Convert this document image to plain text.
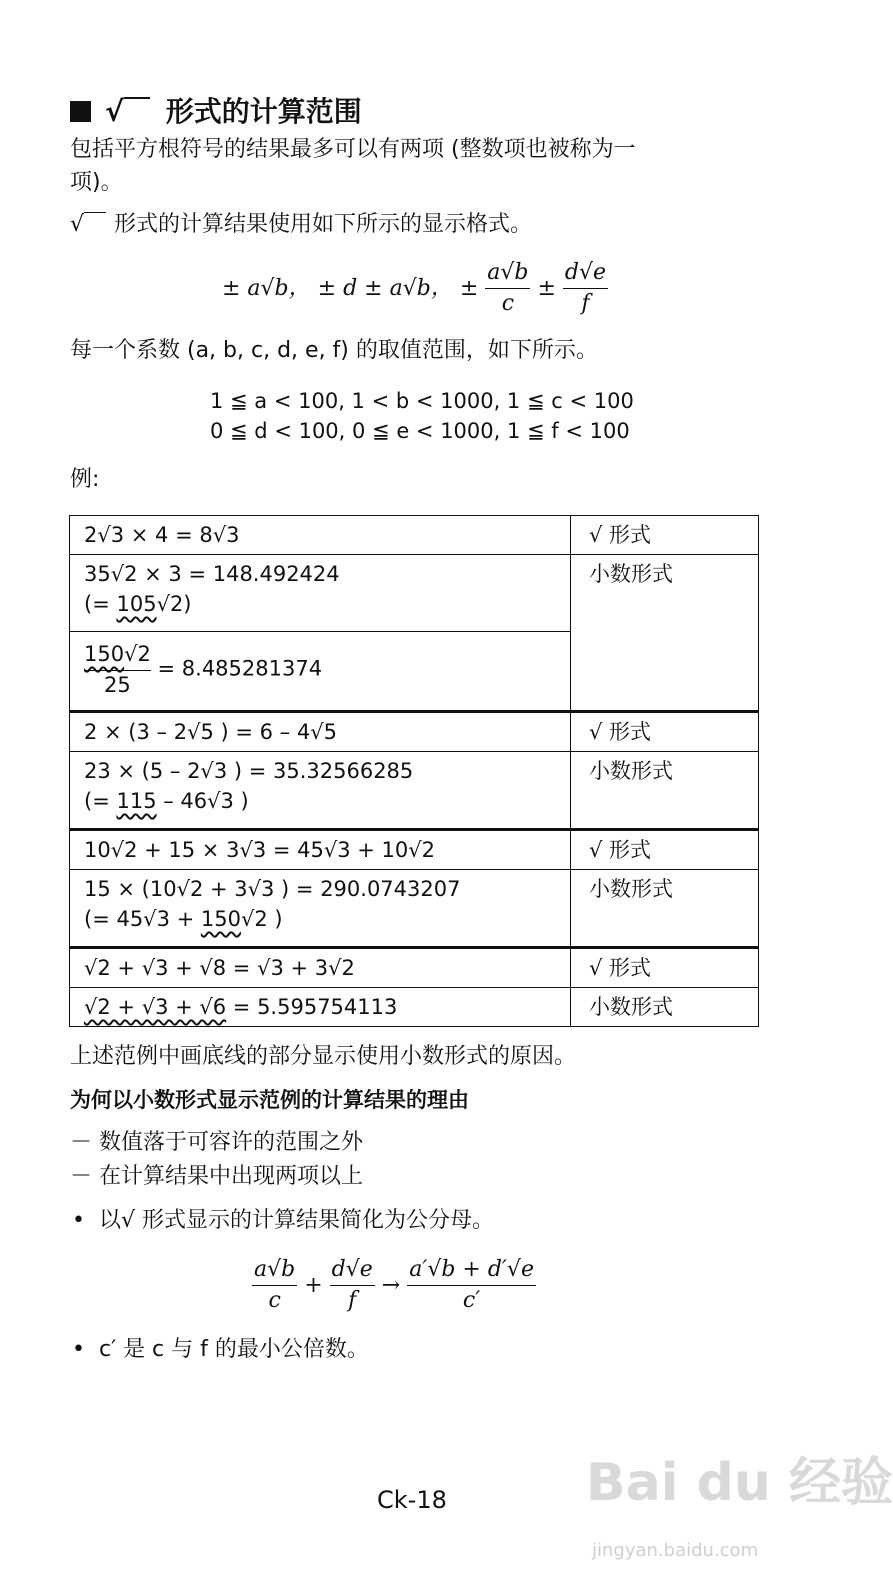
√ 形式的计算范围
包括平方根符号的结果最多可以有两项 (整数项也被称为一
项)。
√ 形式的计算结果使用如下所示的显示格式。
± a√b， ± d ± a√b， ± $\frac{a√b}{c} \pm \frac{d√e}{f}$
每一个系数 (a, b, c, d, e, f) 的取值范围，如下所示。
1 ≦ a < 100, 1 < b < 1000, 1 ≦ c < 100
0 ≦ d < 100, 0 ≦ e < 1000, 1 ≦ f < 100
例:
2√3 × 4 = 8√3	√ 形式

35√2 × 3 = 148.492424
(= 105√2)	小数形式

$\frac{150√2}{25} = 8.485281374$	
2 × (3 – 2√5 ) = 6 – 4√5	√ 形式

23 × (5 – 2√3 ) = 35.32566285
(= 115 – 46√3 )	小数形式
10√2 + 15 × 3√3 = 45√3 + 10√2	√ 形式

15 × (10√2 + 3√3 ) = 290.0743207
(= 45√3 + 150√2 )	小数形式
√2 + √3 + √8 = √3 + 3√2	√ 形式
√2 + √3 + √6 = 5.595754113	小数形式
上述范例中画底线的部分显示使用小数形式的原因。
为何以小数形式显示范例的计算结果的理由
－ 数值落于可容许的范围之外
－ 在计算结果中出现两项以上
• 以√ 形式显示的计算结果简化为公分母。
$\frac{a√b}{c} + \frac{d√e}{f} \to \frac{a'√b + d'√e}{c'}$
• c′ 是 c 与 f 的最小公倍数。
Ck-18	Bai du 经验
jingyan.baidu.com
